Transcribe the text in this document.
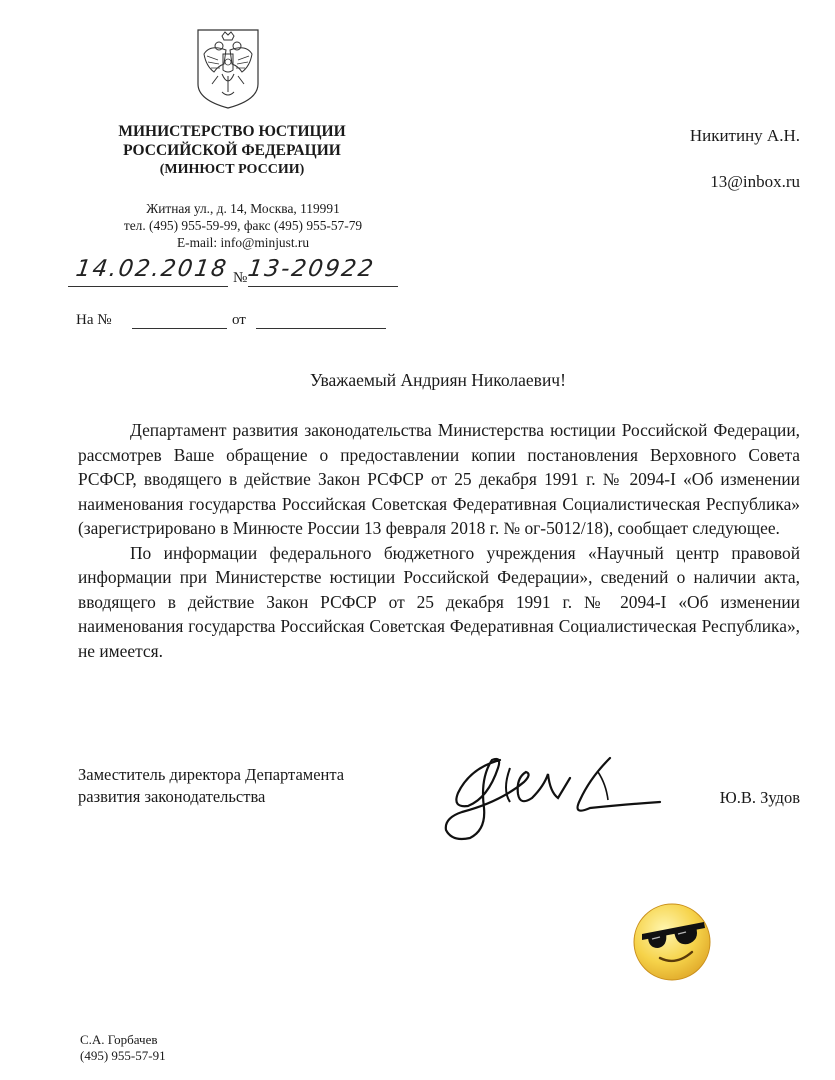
МИНИСТЕРСТВО ЮСТИЦИИ
РОССИЙСКОЙ ФЕДЕРАЦИИ
(МИНЮСТ РОССИИ)
Житная ул., д. 14, Москва, 119991
тел. (495) 955-59-99, факс (495) 955-57-79
E-mail: info@minjust.ru
Никитину А.Н.
13@inbox.ru
14.02.2018 №
13-20922
На №	от
Уважаемый Андриян Николаевич!

Департамент развития законодательства Министерства юстиции Российской Федерации, рассмотрев Ваше обращение о предоставлении копии постановления Верховного Совета РСФСР, вводящего в действие Закон РСФСР от 25 декабря 1991 г. № 2094-I «Об изменении наименования государства Российская Советская Федеративная Социалистическая Республика» (зарегистрировано в Минюсте России 13 февраля 2018 г. № ог-5012/18), сообщает следующее.

По информации федерального бюджетного учреждения «Научный центр правовой информации при Министерстве юстиции Российской Федерации», сведений о наличии акта, вводящего в действие Закон РСФСР от 25 декабря 1991 г. № 2094-I «Об изменении наименования государства Российская Советская Федеративная Социалистическая Республика», не имеется.

Заместитель директора Департамента
развития законодательства	Ю.В. Зудов
С.А. Горбачев
(495) 955-57-91
